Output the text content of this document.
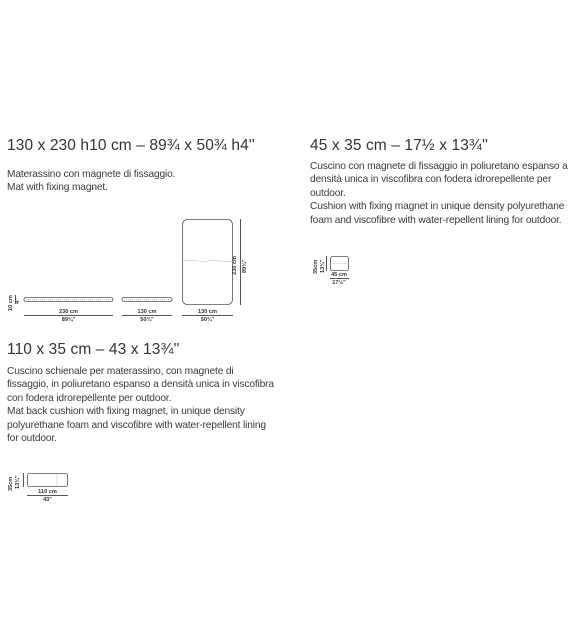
130 x 230 h10 cm – 89¾ x 50¾ h4''

Materassino con magnete di fissaggio.

Mat with fixing magnet.

10 cm 4"
230 cm
89¾"
130 cm
50¾"
230 cm 89¾"
130 cm
50¾"
45 x 35 cm – 17½ x 13¾''

Cuscino con magnete di fissaggio in poliuretano espanso a densità unica in viscofibra con fodera idrorepellente per outdoor.

Cushion with fixing magnet in unique density polyurethane foam and viscofibre with water-repellent lining for outdoor.

35cm 13¾"
45 cm
17½"
110 x 35 cm – 43 x 13¾''

Cuscino schienale per materassino, con magnete di fissaggio, in poliuretano espanso a densità unica in viscofibra con fodera idrorepellente per outdoor.

Mat back cushion with fixing magnet, in unique density polyurethane foam and viscofibre with water-repellent lining for outdoor.

35cm 13¾"
110 cm
43"
